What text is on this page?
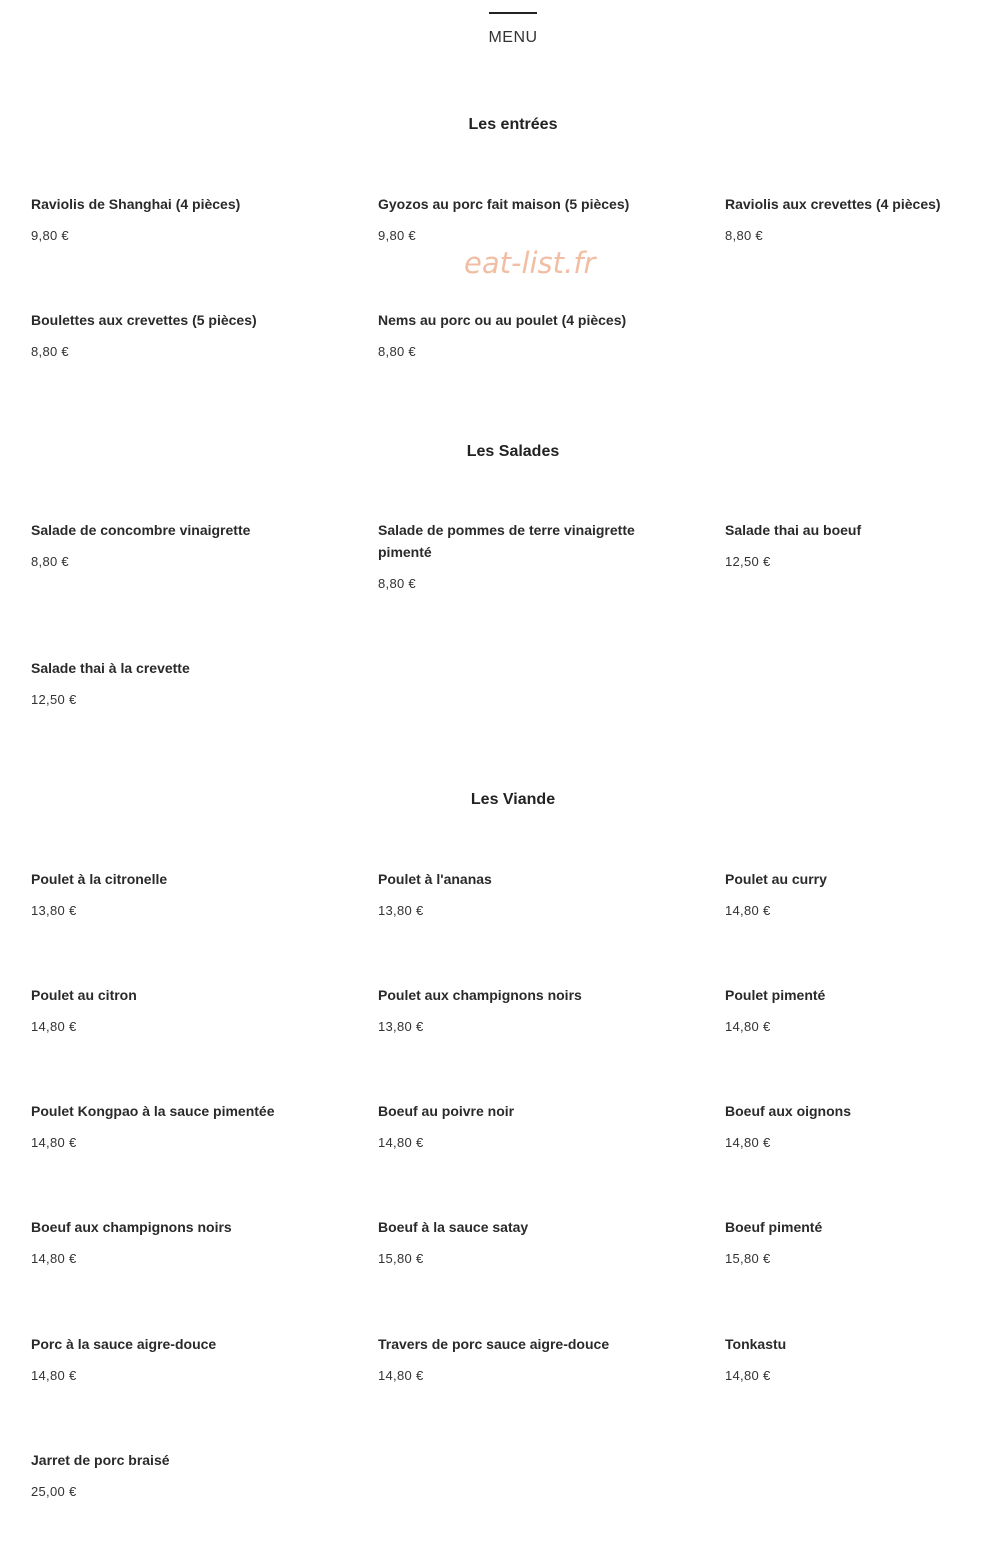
MENU
eat-list.fr
Les entrées
Raviolis de Shanghai (4 pièces)
9,80 €
Gyozos au porc fait maison (5 pièces)
9,80 €
Raviolis aux crevettes (4 pièces)
8,80 €
Boulettes aux crevettes (5 pièces)
8,80 €
Nems au porc ou au poulet (4 pièces)
8,80 €
Les Salades
Salade de concombre vinaigrette
8,80 €
Salade de pommes de terre vinaigrette pimenté
8,80 €
Salade thai au boeuf
12,50 €
Salade thai à la crevette
12,50 €
Les Viande
Poulet à la citronelle
13,80 €
Poulet à l'ananas
13,80 €
Poulet au curry
14,80 €
Poulet au citron
14,80 €
Poulet aux champignons noirs
13,80 €
Poulet pimenté
14,80 €
Poulet Kongpao à la sauce pimentée
14,80 €
Boeuf au poivre noir
14,80 €
Boeuf aux oignons
14,80 €
Boeuf aux champignons noirs
14,80 €
Boeuf à la sauce satay
15,80 €
Boeuf pimenté
15,80 €
Porc à la sauce aigre-douce
14,80 €
Travers de porc sauce aigre-douce
14,80 €
Tonkastu
14,80 €
Jarret de porc braisé
25,00 €
